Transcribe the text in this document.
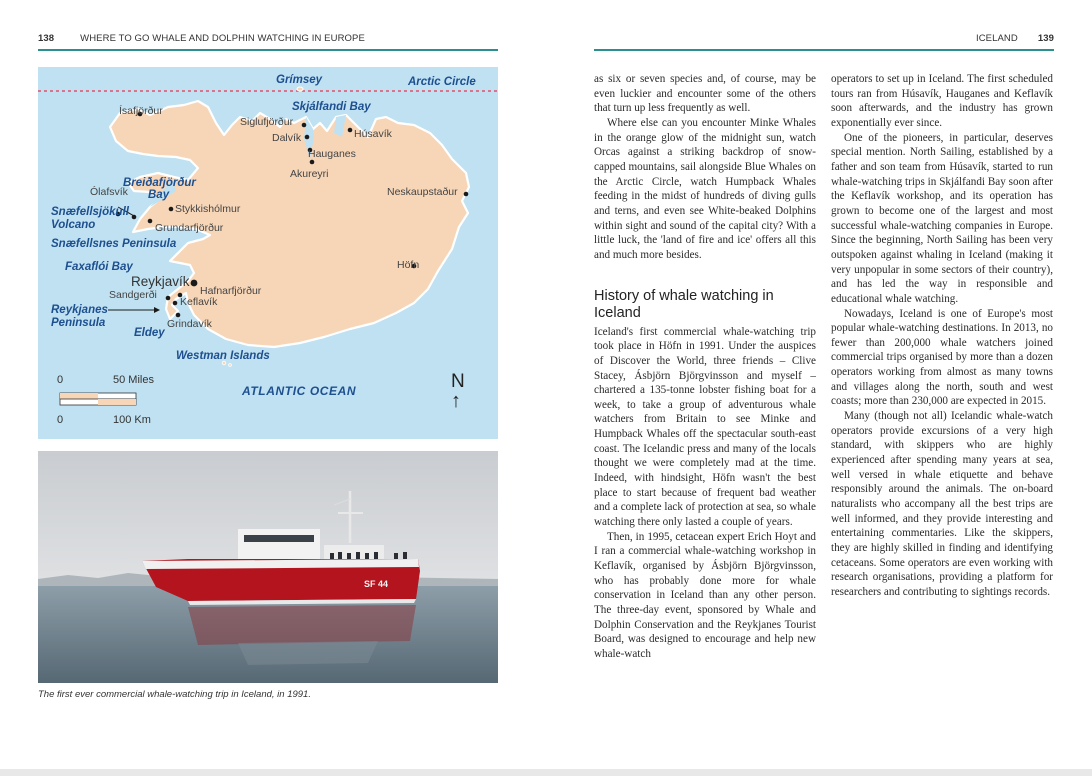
138	WHERE TO GO WHALE AND DOLPHIN WATCHING IN EUROPE	ICELAND 139
Grímsey	Arctic Circle
Skjálfandi Bay
Breiðafjörður
Bay
Snæfellsjökull
Volcano
Snæfellsnes Peninsula
Faxaflói Bay
Reykjanes
Peninsula
Eldey
Westman Islands
ATLANTIC OCEAN
Ísafjörður
Siglufjörður
Dalvík	Húsavík
Hauganes
Akureyri
Neskaupstaður
Ólafsvík
Stykkishólmur
Grundarfjörður
Höfn
Reykjavík
Hafnarfjörður
Sandgerði
Keflavík
Grindavík
0	50 Miles
0	100 Km
N
↑
SF 44
The first ever commercial whale-watching trip in Iceland, in 1991.

as six or seven species and, of course, may be even luckier and encounter some of the others that turn up less frequently as well.

Where else can you encounter Minke Whales in the orange glow of the midnight sun, watch Orcas against a striking backdrop of snow-capped mountains, sail alongside Blue Whales on the Arctic Circle, watch Humpback Whales feeding in the midst of hundreds of diving gulls and terns, and even see White-beaked Dolphins within sight and sound of the capital city? With a little luck, the 'land of fire and ice' offers all this and much more besides.

History of whale watching in Iceland

Iceland's first commercial whale-watching trip took place in Höfn in 1991. Under the auspices of Discover the World, three friends – Clive Stacey, Ásbjörn Björgvinsson and myself – chartered a 135-tonne lobster fishing boat for a week, to take a group of adventurous whale watchers from Britain to see Minke and Humpback Whales off the spectacular south-east coast. The Icelandic press and many of the locals thought we were completely mad at the time. Indeed, with hindsight, Höfn wasn't the best place to start because of frequent bad weather and a complete lack of protection at sea, so whale watching there only lasted a couple of years.

Then, in 1995, cetacean expert Erich Hoyt and I ran a commercial whale-watching workshop in Keflavík, organised by Ásbjörn Björgvinsson, who has probably done more for whale conservation in Iceland than any other person. The three-day event, sponsored by Whale and Dolphin Conservation and the Reykjanes Tourist Board, was designed to encourage and help new whale-watch

operators to set up in Iceland. The first scheduled tours ran from Húsavík, Hauganes and Keflavík soon afterwards, and the industry has grown exponentially ever since.

One of the pioneers, in particular, deserves special mention. North Sailing, established by a father and son team from Húsavík, started to run whale-watching trips in Skjálfandi Bay soon after the Keflavík workshop, and its operation has grown to become one of the largest and most successful whale-watching companies in Europe. Since the beginning, North Sailing has been very outspoken against whaling in Iceland (making it very unpopular in some sectors of their country), and has led the way in responsible and educational whale watching.

Nowadays, Iceland is one of Europe's most popular whale-watching destinations. In 2013, no fewer than 200,000 whale watchers joined commercial trips organised by more than a dozen operators working from almost as many towns and villages along the north, south and west coasts; more than 230,000 are expected in 2015.

Many (though not all) Icelandic whale-watch operators provide excursions of a very high standard, with skippers who are highly experienced after spending many years at sea, well versed in whale etiquette and behave responsibly around the animals. The on-board naturalists who accompany all the best trips are well informed, and they provide interesting and entertaining commentaries. Like the skippers, they are highly skilled in finding and identifying cetaceans. Some operators are even working with research organisations, providing a platform for researchers and contributing to sightings records.
